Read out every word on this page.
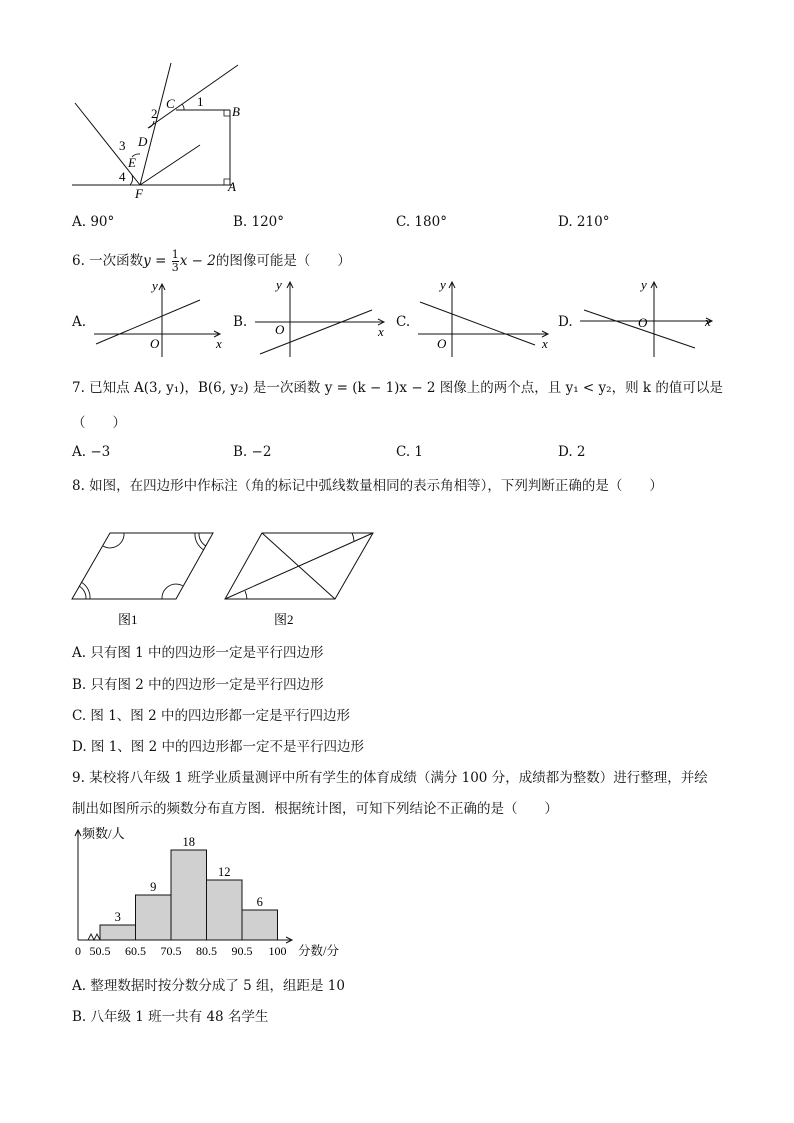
C 1
B
2
D
3
E
4
F	A
A. 90°	B. 120°	C. 180°	D. 210°
6. 一次函数$y = \frac{1}{3}$ x − 2的图像可能是（　　）
A.
x
y
O
B.
x
y
O	C.
x
y
O
D.	x
y
O
7. 已知点 A(3, y₁)，B(6, y₂) 是一次函数 y = (k − 1)x − 2 图像上的两个点，且 y₁ < y₂，则 k 的值可以是
（　　）
A. −3	B. −2	C. 1	D. 2
8. 如图，在四边形中作标注（角的标记中弧线数量相同的表示角相等），下列判断正确的是（　　）
图1	图2
A. 只有图 1 中的四边形一定是平行四边形
B. 只有图 2 中的四边形一定是平行四边形
C. 图 1、图 2 中的四边形都一定是平行四边形
D. 图 1、图 2 中的四边形都一定不是平行四边形
9. 某校将八年级 1 班学业质量测评中所有学生的体育成绩（满分 100 分，成绩都为整数）进行整理，并绘
制出如图所示的频数分布直方图．根据统计图，可知下列结论不正确的是（　　）
频数/人
3
9
18
12
6
0 50.5 60.5 70.5 80.5 90.5 100 分数/分
A. 整理数据时按分数分成了 5 组，组距是 10
B. 八年级 1 班一共有 48 名学生
